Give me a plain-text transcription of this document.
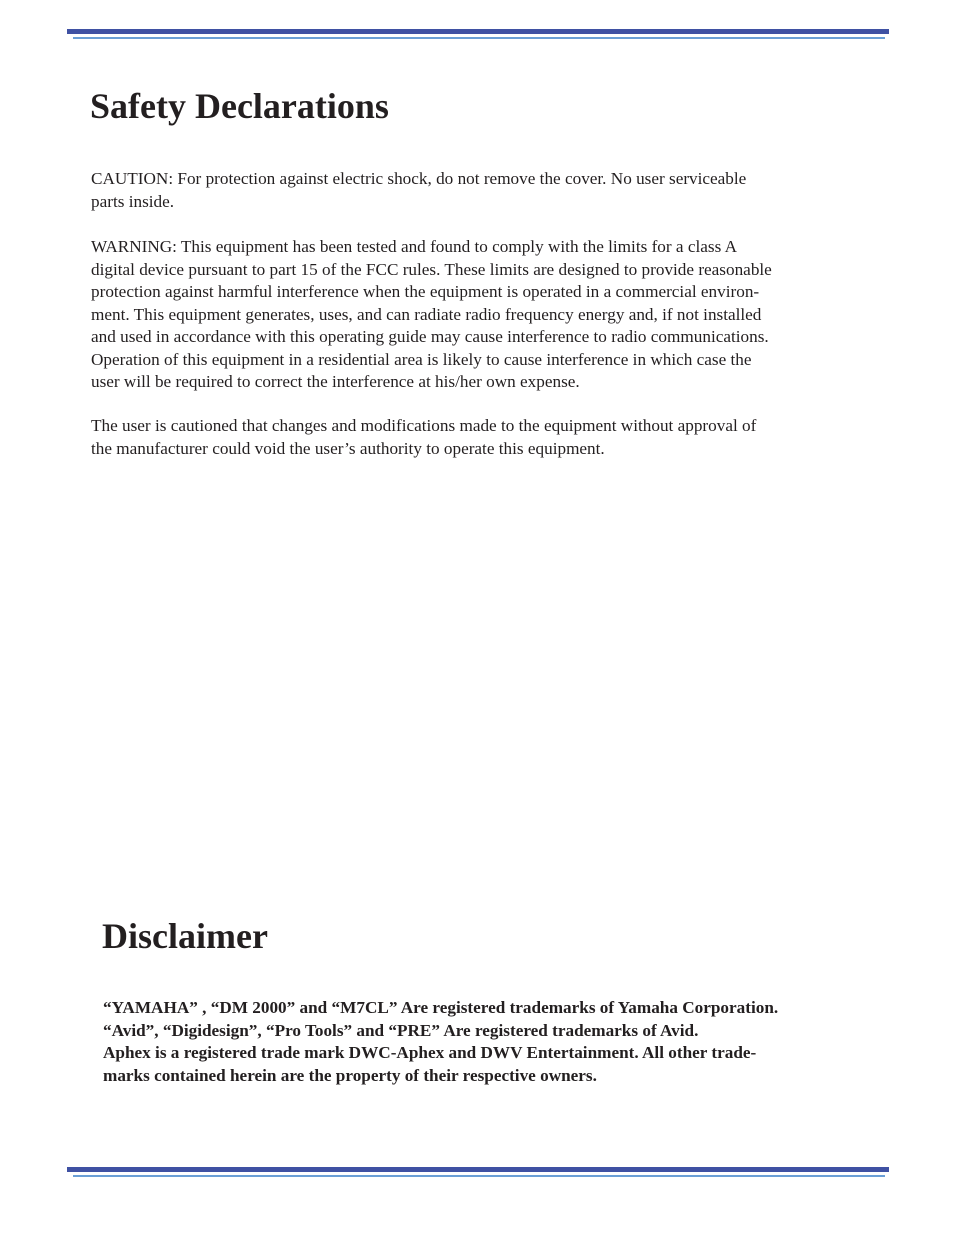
Safety Declarations

CAUTION: For protection against electric shock, do not remove the cover. No user serviceable
parts inside.

WARNING: This equipment has been tested and found to comply with the limits for a class A
digital device pursuant to part 15 of the FCC rules. These limits are designed to provide reasonable
protection against harmful interference when the equipment is operated in a commercial environ-
ment. This equipment generates, uses, and can radiate radio frequency energy and, if not installed
and used in accordance with this operating guide may cause interference to radio communications.
Operation of this equipment in a residential area is likely to cause interference in which case the
user will be required to correct the interference at his/her own expense.

The user is cautioned that changes and modifications made to the equipment without approval of
the manufacturer could void the user’s authority to operate this equipment.

Disclaimer

“YAMAHA” , “DM 2000” and “M7CL” Are registered trademarks of Yamaha Corporation.
“Avid”, “Digidesign”, “Pro Tools” and “PRE” Are registered trademarks of Avid.
Aphex is a registered trade mark DWC-Aphex and DWV Entertainment. All other trade-
marks contained herein are the property of their respective owners.
